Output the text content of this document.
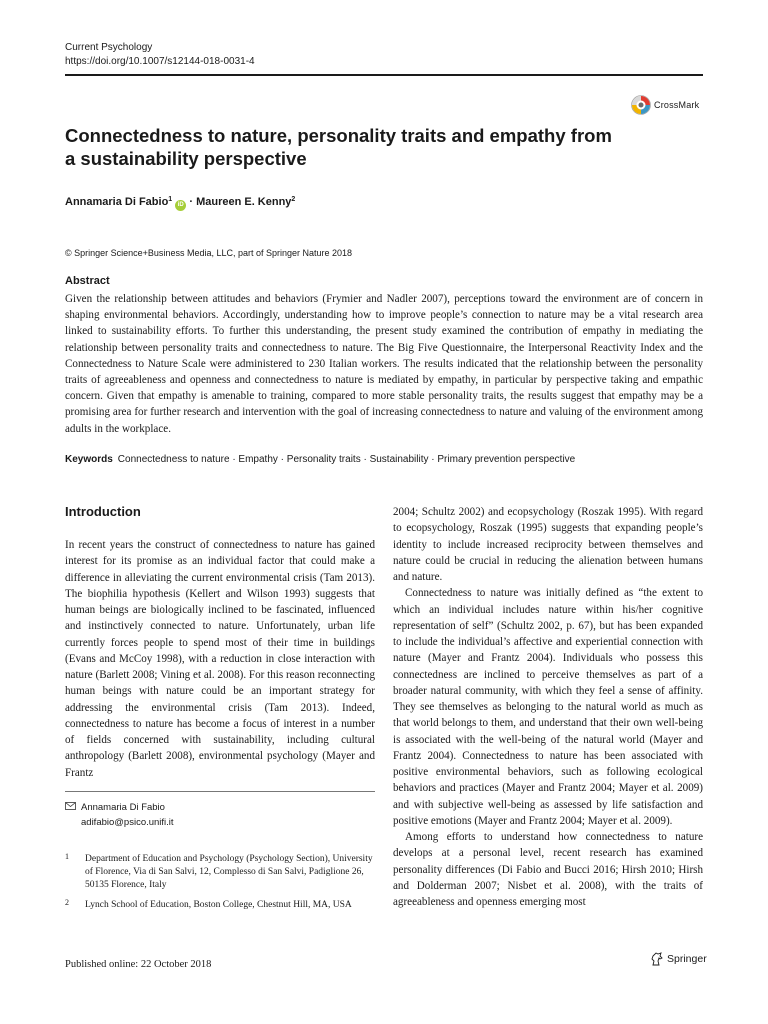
Current Psychology
https://doi.org/10.1007/s12144-018-0031-4
CrossMark
Connectedness to nature, personality traits and empathy from a sustainability perspective
Annamaria Di Fabio$^1$ iD · Maureen E. Kenny$^2$
© Springer Science+Business Media, LLC, part of Springer Nature 2018
Abstract

Given the relationship between attitudes and behaviors (Frymier and Nadler 2007), perceptions toward the environment are of concern in shaping environmental behaviors. Accordingly, understanding how to improve people’s connection to nature may be a vital research area linked to sustainability efforts. To further this understanding, the present study examined the contribution of empathy in mediating the relationship between personality traits and connectedness to nature. The Big Five Questionnaire, the Interpersonal Reactivity Index and the Connectedness to Nature Scale were administered to 230 Italian workers. The results indicated that the relationship between the personality traits of agreeableness and openness and connectedness to nature is mediated by empathy, in particular by perspective taking and empathic concern. Given that empathy is amenable to training, compared to more stable personality traits, the results suggest that empathy may be a promising area for further research and intervention with the goal of increasing connectedness to nature and valuing of the environment among adults in the workplace.

Keywords Connectedness to nature · Empathy · Personality traits · Sustainability · Primary prevention perspective
Introduction

In recent years the construct of connectedness to nature has gained interest for its promise as an individual factor that could make a difference in alleviating the current environmental crisis (Tam 2013). The biophilia hypothesis (Kellert and Wilson 1993) suggests that human beings are biologically inclined to be fascinated, influenced and instinctively connected to nature. Unfortunately, urban life currently forces people to spend most of their time in buildings (Evans and McCoy 1998), with a reduction in close interaction with nature (Barlett 2008; Vining et al. 2008). For this reason reconnecting human beings with nature could be an important strategy for addressing the environmental crisis (Tam 2013). Indeed, connectedness to nature has become a focus of interest in a number of fields concerned with sustainability, including cultural anthropology (Barlett 2008), environmental psychology (Mayer and Frantz

2004; Schultz 2002) and ecopsychology (Roszak 1995). With regard to ecopsychology, Roszak (1995) suggests that expanding people’s identity to include increased reciprocity between themselves and nature could be crucial in reducing the alienation between humans and nature.

Connectedness to nature was initially defined as “the extent to which an individual includes nature within his/her cognitive representation of self” (Schultz 2002, p. 67), but has been expanded to include the individual’s affective and experiential connection with nature (Mayer and Frantz 2004). Individuals who possess this connectedness are inclined to perceive themselves as part of a broader natural community, with which they feel a sense of affinity. They see themselves as belonging to the natural world as much as that world belongs to them, and understand that their own well-being is associated with the well-being of the natural world (Mayer and Frantz 2004). Connectedness to nature has been associated with positive environmental behaviors, such as following ecological behaviors and practices (Mayer and Frantz 2004; Mayer et al. 2009) and with subjective well-being as assessed by life satisfaction and positive emotions (Mayer and Frantz 2004; Mayer et al. 2009).

Among efforts to understand how connectedness to nature develops at a personal level, recent research has examined personality differences (Di Fabio and Bucci 2016; Hirsh 2010; Hirsh and Dolderman 2007; Nisbet et al. 2008), with the traits of agreeableness and openness emerging most

Annamaria Di Fabio
adifabio@psico.unifi.it
1	Department of Education and Psychology (Psychology Section), University of Florence, Via di San Salvi, 12, Complesso di San Salvi, Padiglione 26, 50135 Florence, Italy
2	Lynch School of Education, Boston College, Chestnut Hill, MA, USA
Published online: 22 October 2018	Springer
